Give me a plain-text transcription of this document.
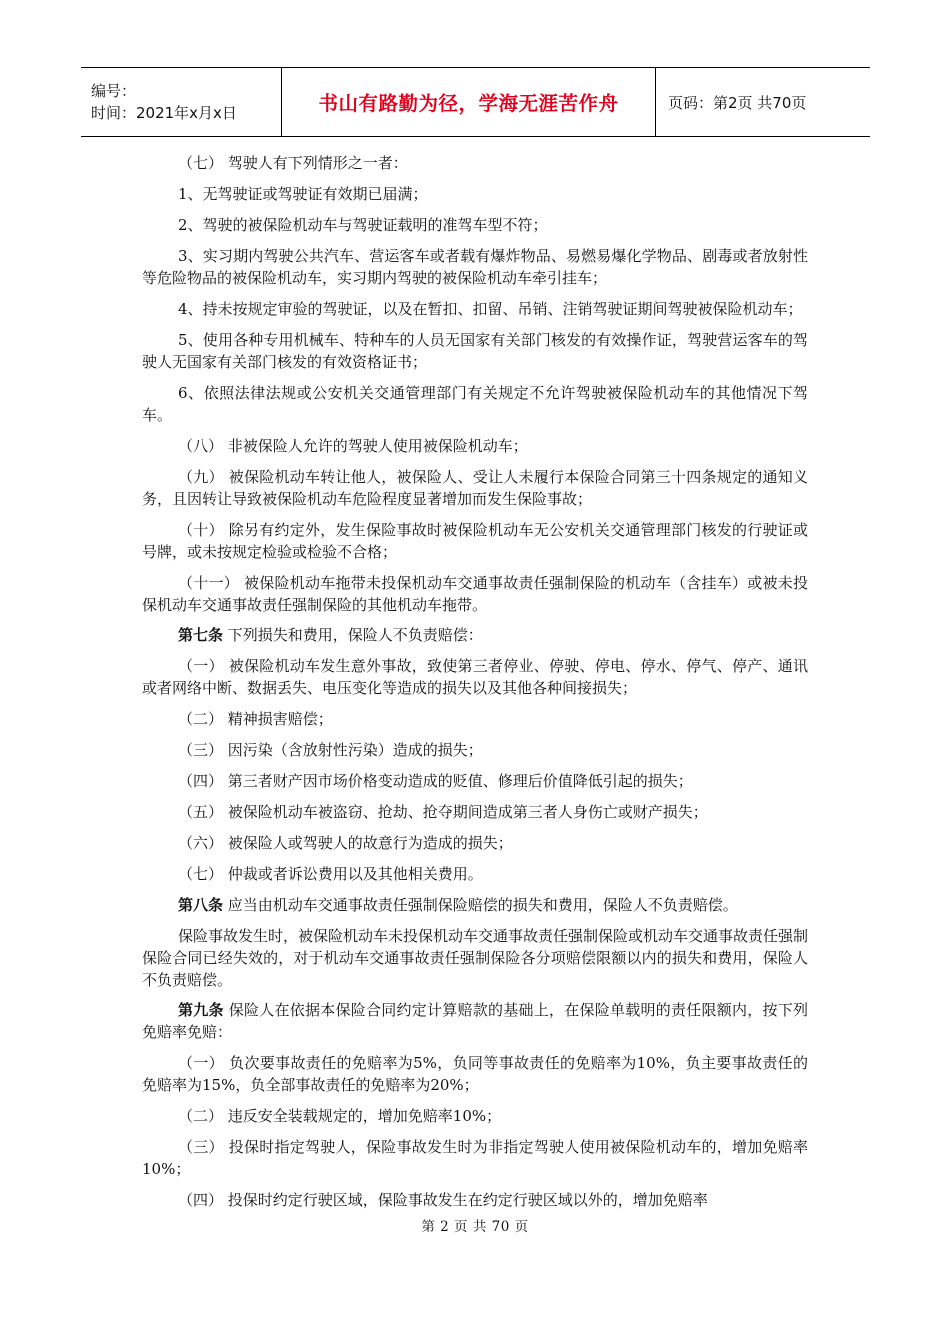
编号：
时间：2021年x月x日	书山有路勤为径，学海无涯苦作舟	页码：第2页 共70页

（七） 驾驶人有下列情形之一者：

1、无驾驶证或驾驶证有效期已届满；

2、驾驶的被保险机动车与驾驶证载明的准驾车型不符；

3、实习期内驾驶公共汽车、营运客车或者载有爆炸物品、易燃易爆化学物品、剧毒或者放射性等危险物品的被保险机动车，实习期内驾驶的被保险机动车牵引挂车；

4、持未按规定审验的驾驶证，以及在暂扣、扣留、吊销、注销驾驶证期间驾驶被保险机动车；

5、使用各种专用机械车、特种车的人员无国家有关部门核发的有效操作证，驾驶营运客车的驾驶人无国家有关部门核发的有效资格证书；

6、依照法律法规或公安机关交通管理部门有关规定不允许驾驶被保险机动车的其他情况下驾车。

（八） 非被保险人允许的驾驶人使用被保险机动车；

（九） 被保险机动车转让他人，被保险人、受让人未履行本保险合同第三十四条规定的通知义务，且因转让导致被保险机动车危险程度显著增加而发生保险事故；

（十） 除另有约定外，发生保险事故时被保险机动车无公安机关交通管理部门核发的行驶证或号牌，或未按规定检验或检验不合格；

（十一） 被保险机动车拖带未投保机动车交通事故责任强制保险的机动车（含挂车）或被未投保机动车交通事故责任强制保险的其他机动车拖带。

第七条 下列损失和费用，保险人不负责赔偿：

（一） 被保险机动车发生意外事故，致使第三者停业、停驶、停电、停水、停气、停产、通讯或者网络中断、数据丢失、电压变化等造成的损失以及其他各种间接损失；

（二） 精神损害赔偿；

（三） 因污染（含放射性污染）造成的损失；

（四） 第三者财产因市场价格变动造成的贬值、修理后价值降低引起的损失；

（五） 被保险机动车被盗窃、抢劫、抢夺期间造成第三者人身伤亡或财产损失；

（六） 被保险人或驾驶人的故意行为造成的损失；

（七） 仲裁或者诉讼费用以及其他相关费用。

第八条 应当由机动车交通事故责任强制保险赔偿的损失和费用，保险人不负责赔偿。

保险事故发生时，被保险机动车未投保机动车交通事故责任强制保险或机动车交通事故责任强制保险合同已经失效的，对于机动车交通事故责任强制保险各分项赔偿限额以内的损失和费用，保险人不负责赔偿。

第九条 保险人在依据本保险合同约定计算赔款的基础上，在保险单载明的责任限额内，按下列免赔率免赔：

（一） 负次要事故责任的免赔率为5%，负同等事故责任的免赔率为10%，负主要事故责任的免赔率为15%，负全部事故责任的免赔率为20%；

（二） 违反安全装载规定的，增加免赔率10%；

（三） 投保时指定驾驶人，保险事故发生时为非指定驾驶人使用被保险机动车的，增加免赔率10%；

（四） 投保时约定行驶区域，保险事故发生在约定行驶区域以外的，增加免赔率

第 2 页 共 70 页
